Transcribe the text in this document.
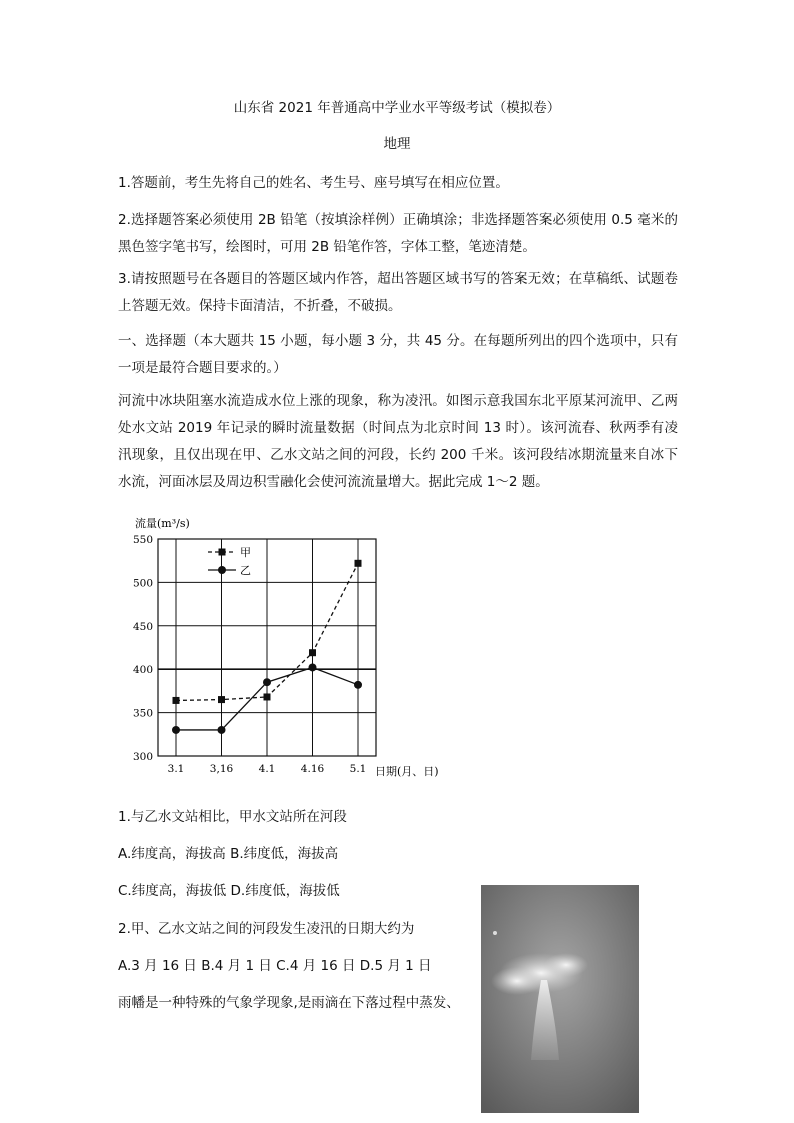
山东省 2021 年普通高中学业水平等级考试（模拟卷）
地理
1.答题前，考生先将自己的姓名、考生号、座号填写在相应位置。
2.选择题答案必须使用 2B 铅笔（按填涂样例）正确填涂；非选择题答案必须使用 0.5 毫米的黑色签字笔书写，绘图时，可用 2B 铅笔作答，字体工整，笔迹清楚。
3.请按照题号在各题目的答题区域内作答，超出答题区域书写的答案无效；在草稿纸、试题卷上答题无效。保持卡面清洁，不折叠，不破损。
一、选择题（本大题共 15 小题，每小题 3 分，共 45 分。在每题所列出的四个选项中，只有一项是最符合题目要求的。）
河流中冰块阻塞水流造成水位上涨的现象，称为凌汛。如图示意我国东北平原某河流甲、乙两处水文站 2019 年记录的瞬时流量数据（时间点为北京时间 13 时）。该河流春、秋两季有凌汛现象，且仅出现在甲、乙水文站之间的河段，长约 200 千米。该河段结冰期流量来自冰下水流，河面冰层及周边积雪融化会使河流流量增大。据此完成 1～2 题。
300
350
400
450
500
550
3.1 3,16 4.1 4.16 5.1
甲
乙
流量(m³/s)
日期(月、日)
1.与乙水文站相比，甲水文站所在河段
A.纬度高，海拔高 B.纬度低，海拔高
C.纬度高，海拔低 D.纬度低，海拔低
2.甲、乙水文站之间的河段发生凌汛的日期大约为
A.3 月 16 日 B.4 月 1 日 C.4 月 16 日 D.5 月 1 日
雨幡是一种特殊的气象学现象,是雨滴在下落过程中蒸发、
